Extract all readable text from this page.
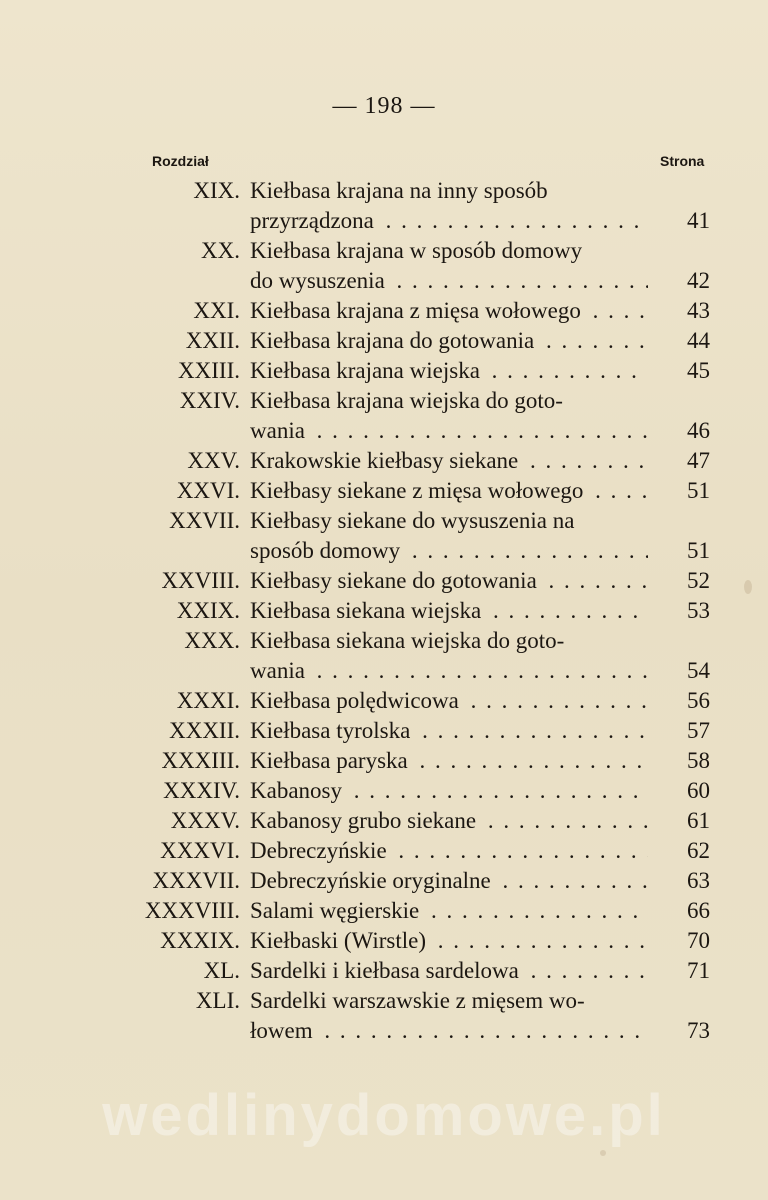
— 198 —
Rozdział	Strona
XIX. Kiełbasa krajana na inny sposób
przyrządzona . . .	41
XX. Kiełbasa krajana w sposób domowy
do wysuszenia . . .	42
XXI. Kiełbasa krajana z mięsa wołowego . . .	43
XXII. Kiełbasa krajana do gotowania . . .	44
XXIII. Kiełbasa krajana wiejska . . .	45
XXIV. Kiełbasa krajana wiejska do goto-
wania . . .	46
XXV. Krakowskie kiełbasy siekane . . .	47
XXVI. Kiełbasy siekane z mięsa wołowego . . .	51
XXVII. Kiełbasy siekane do wysuszenia na
sposób domowy . . .	51
XXVIII. Kiełbasy siekane do gotowania . . .	52
XXIX. Kiełbasa siekana wiejska . . .	53
XXX. Kiełbasa siekana wiejska do goto-
wania . . .	54
XXXI. Kiełbasa polędwicowa . . .	56
XXXII. Kiełbasa tyrolska . . .	57
XXXIII. Kiełbasa paryska . . .	58
XXXIV. Kabanosy . . .	60
XXXV. Kabanosy grubo siekane . . .	61
XXXVI. Debreczyńskie . . .	62
XXXVII. Debreczyńskie oryginalne . . .	63
XXXVIII. Salami węgierskie . . .	66
XXXIX. Kiełbaski (Wirstle) . . .	70
XL. Sardelki i kiełbasa sardelowa . . .	71
XLI. Sardelki warszawskie z mięsem wo-
łowem . . .	73
wedlinydomowe.pl
